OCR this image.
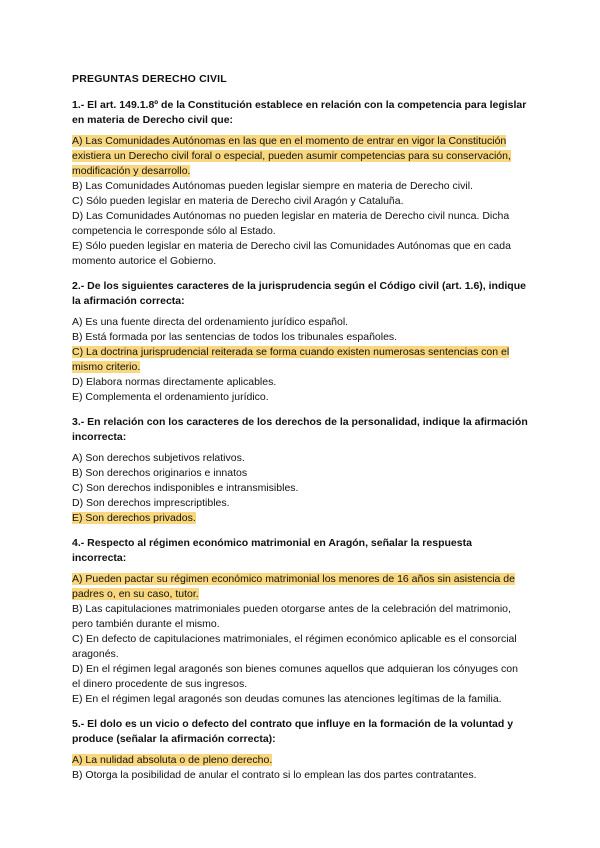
PREGUNTAS DERECHO CIVIL
1.- El art. 149.1.8º de la Constitución establece en relación con la competencia para legislar en materia de Derecho civil que:
A) Las Comunidades Autónomas en las que en el momento de entrar en vigor la Constitución existiera un Derecho civil foral o especial, pueden asumir competencias para su conservación, modificación y desarrollo.
B) Las Comunidades Autónomas pueden legislar siempre en materia de Derecho civil.
C) Sólo pueden legislar en materia de Derecho civil Aragón y Cataluña.
D) Las Comunidades Autónomas no pueden legislar en materia de Derecho civil nunca. Dicha competencia le corresponde sólo al Estado.
E) Sólo pueden legislar en materia de Derecho civil las Comunidades Autónomas que en cada momento autorice el Gobierno.
2.- De los siguientes caracteres de la jurisprudencia según el Código civil (art. 1.6), indique la afirmación correcta:
A) Es una fuente directa del ordenamiento jurídico español.
B) Está formada por las sentencias de todos los tribunales españoles.
C) La doctrina jurisprudencial reiterada se forma cuando existen numerosas sentencias con el mismo criterio.
D) Elabora normas directamente aplicables.
E) Complementa el ordenamiento jurídico.
3.- En relación con los caracteres de los derechos de la personalidad, indique la afirmación incorrecta:
A) Son derechos subjetivos relativos.
B) Son derechos originarios e innatos
C) Son derechos indisponibles e intransmisibles.
D) Son derechos imprescriptibles.
E) Son derechos privados.
4.- Respecto al régimen económico matrimonial en Aragón, señalar la respuesta incorrecta:
A) Pueden pactar su régimen económico matrimonial los menores de 16 años sin asistencia de padres o, en su caso, tutor.
B) Las capitulaciones matrimoniales pueden otorgarse antes de la celebración del matrimonio, pero también durante el mismo.
C) En defecto de capitulaciones matrimoniales, el régimen económico aplicable es el consorcial aragonés.
D) En el régimen legal aragonés son bienes comunes aquellos que adquieran los cónyuges con el dinero procedente de sus ingresos.
E) En el régimen legal aragonés son deudas comunes las atenciones legítimas de la familia.
5.- El dolo es un vicio o defecto del contrato que influye en la formación de la voluntad y produce (señalar la afirmación correcta):
A) La nulidad absoluta o de pleno derecho.
B) Otorga la posibilidad de anular el contrato si lo emplean las dos partes contratantes.
